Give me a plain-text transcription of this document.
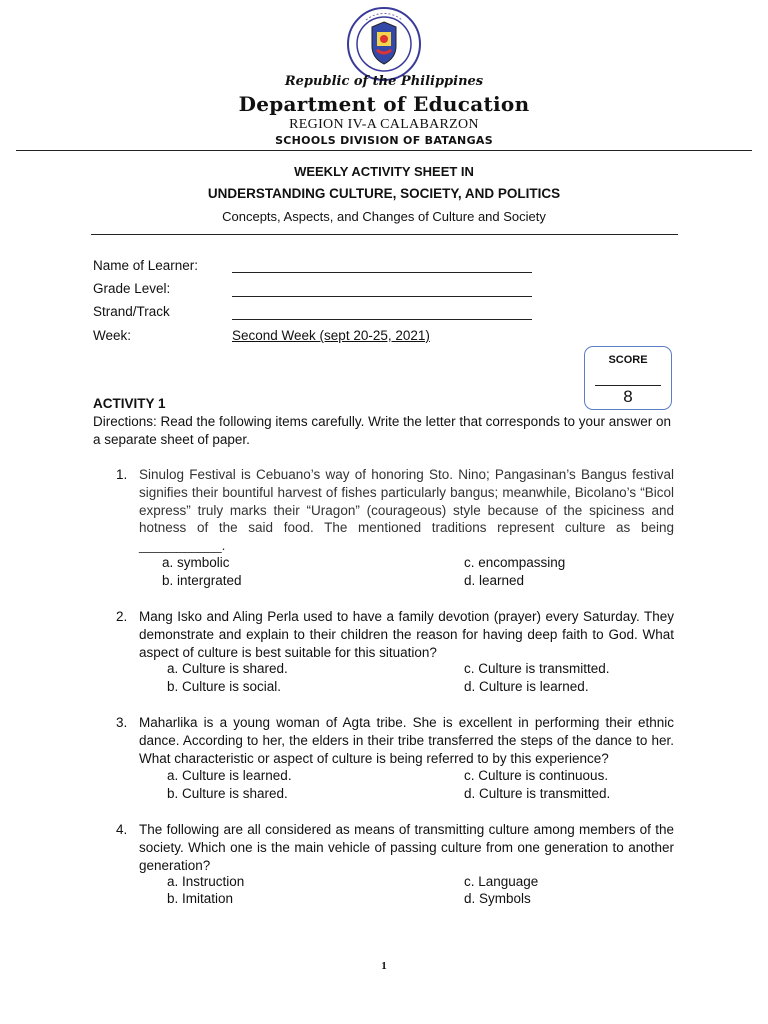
Republic of the Philippines
Department of Education
REGION IV-A CALABARZON
SCHOOLS DIVISION OF BATANGAS
WEEKLY ACTIVITY SHEET IN
UNDERSTANDING CULTURE, SOCIETY, AND POLITICS
Concepts, Aspects, and Changes of Culture and Society
Name of Learner:
Grade Level:
Strand/Track
Week:	Second Week (sept 20-25, 2021)
SCORE
8
ACTIVITY 1
Directions: Read the following items carefully. Write the letter that corresponds to your answer on a separate sheet of paper.
1. Sinulog Festival is Cebuano’s way of honoring Sto. Nino; Pangasinan’s Bangus festival signifies their bountiful harvest of fishes particularly bangus; meanwhile, Bicolano’s “Bicol express” truly marks their “Uragon” (courageous) style because of the spiciness and hotness of the said food. The mentioned traditions represent culture as being ___________.
a. symbolic
b. intergrated
c. encompassing
d. learned
2. Mang Isko and Aling Perla used to have a family devotion (prayer) every Saturday. They demonstrate and explain to their children the reason for having deep faith to God. What aspect of culture is best suitable for this situation?
a. Culture is shared.
b. Culture is social.
c. Culture is transmitted.
d. Culture is learned.
3. Maharlika is a young woman of Agta tribe. She is excellent in performing their ethnic dance. According to her, the elders in their tribe transferred the steps of the dance to her. What characteristic or aspect of culture is being referred to by this experience?
a. Culture is learned.
b. Culture is shared.
c. Culture is continuous.
d. Culture is transmitted.
4. The following are all considered as means of transmitting culture among members of the society. Which one is the main vehicle of passing culture from one generation to another generation?
a. Instruction
b. Imitation
c. Language
d. Symbols
1
